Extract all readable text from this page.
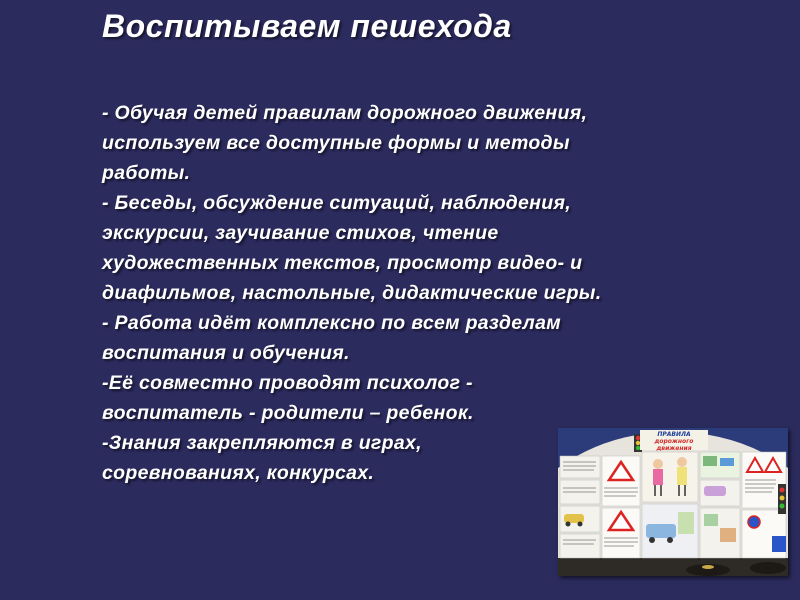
Воспитываем пешехода
- Обучая детей правилам дорожного движения,
используем все доступные формы и методы
работы.
- Беседы, обсуждение ситуаций, наблюдения,
экскурсии, заучивание стихов, чтение
художественных текстов, просмотр видео- и
диафильмов, настольные, дидактические игры.
- Работа идёт комплексно по всем разделам
воспитания и обучения.
-Её совместно проводят психолог -
воспитатель - родители – ребенок.
-Знания закрепляются в играх,
соревнованиях, конкурсах.
ПРАВИЛА
дорожного движения
